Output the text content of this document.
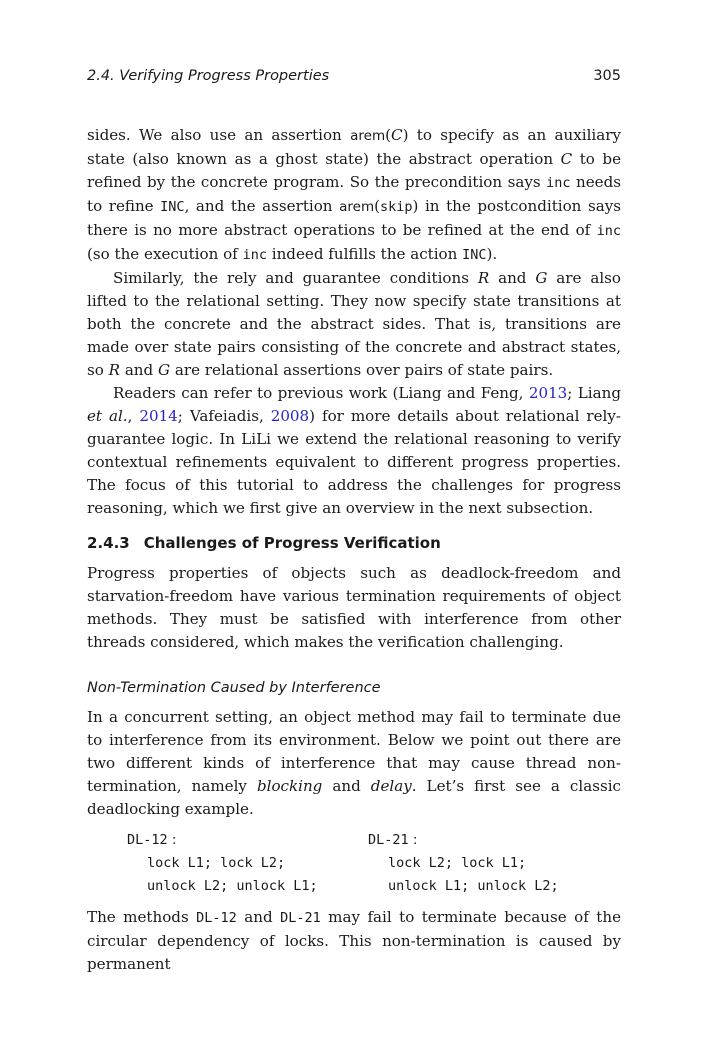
2.4. Verifying Progress Properties	305

sides. We also use an assertion arem(C) to specify as an auxiliary state (also known as a ghost state) the abstract operation C to be refined by the concrete program. So the precondition says inc needs to refine INC, and the assertion arem(skip) in the postcondition says there is no more abstract operations to be refined at the end of inc (so the execution of inc indeed fulfills the action INC).

Similarly, the rely and guarantee conditions R and G are also lifted to the relational setting. They now specify state transitions at both the concrete and the abstract sides. That is, transitions are made over state pairs consisting of the concrete and abstract states, so R and G are relational assertions over pairs of state pairs.

Readers can refer to previous work (Liang and Feng, 2013; Liang et al., 2014; Vafeiadis, 2008) for more details about relational rely-guarantee logic. In LiLi we extend the relational reasoning to verify contextual refinements equivalent to different progress properties. The focus of this tutorial to address the challenges for progress reasoning, which we first give an overview in the next subsection.

2.4.3 Challenges of Progress Verification

Progress properties of objects such as deadlock-freedom and starvation-freedom have various termination requirements of object methods. They must be satisfied with interference from other threads considered, which makes the verification challenging.

Non-Termination Caused by Interference

In a concurrent setting, an object method may fail to terminate due to interference from its environment. Below we point out there are two different kinds of interference that may cause thread non-termination, namely blocking and delay. Let’s first see a classic deadlocking example.

DL-12 :
lock L1; lock L2;
unlock L2; unlock L1;
DL-21 :
lock L2; lock L1;
unlock L1; unlock L2;

The methods DL-12 and DL-21 may fail to terminate because of the circular dependency of locks. This non-termination is caused by permanent
